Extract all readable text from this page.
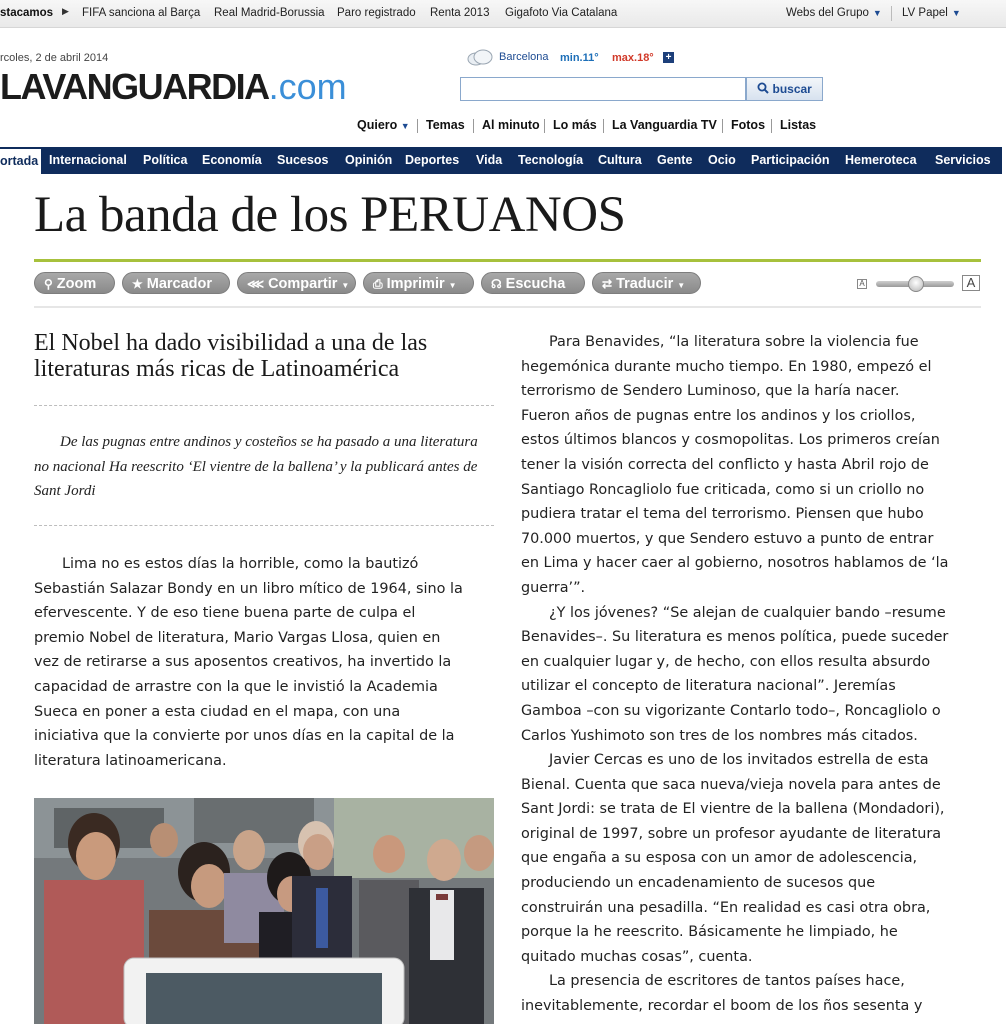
stacamos ▶ FIFA sanciona al Barça Real Madrid-Borussia Paro registrado Renta 2013 Gigafoto Via Catalana	Webs del Grupo ▼ LV Papel ▼
rcoles, 2 de abril 2014
LAVANGUARDIA.com
Barcelona min.11° max.18° +
buscar
Quiero ▼ Temas Al minuto Lo más La Vanguardia TV Fotos Listas
ortada Internacional Política Economía Sucesos Opinión Deportes Vida Tecnología Cultura Gente Ocio Participación Hemeroteca Servicios
La banda de los PERUANOS
⚲ Zoom	★ Marcador	⋘ Compartir ▼	⎙ Imprimir ▼	☊ Escucha	⇄ Traducir ▼	A	A
El Nobel ha dado visibilidad a una de las literaturas más ricas de Latinoamérica

De las pugnas entre andinos y costeños se ha pasado a una literatura no nacional Ha reescrito ‘El vientre de la ballena’ y la publicará antes de Sant Jordi

Lima no es estos días la horrible, como la bautizó
Sebastián Salazar Bondy en un libro mítico de 1964, sino la
efervescente. Y de eso tiene buena parte de culpa el
premio Nobel de literatura, Mario Vargas Llosa, quien en
vez de retirarse a sus aposentos creativos, ha invertido la
capacidad de arrastre con la que le invistió la Academia
Sueca en poner a esta ciudad en el mapa, con una
iniciativa que la convierte por unos días en la capital de la
literatura latinoamericana.
Para Benavides, “la literatura sobre la violencia fue
hegemónica durante mucho tiempo. En 1980, empezó el
terrorismo de Sendero Luminoso, que la haría nacer.
Fueron años de pugnas entre los andinos y los criollos,
estos últimos blancos y cosmopolitas. Los primeros creían
tener la visión correcta del conflicto y hasta Abril rojo de
Santiago Roncagliolo fue criticada, como si un criollo no
pudiera tratar el tema del terrorismo. Piensen que hubo
70.000 muertos, y que Sendero estuvo a punto de entrar
en Lima y hacer caer al gobierno, nosotros hablamos de ‘la
guerra’”.
¿Y los jóvenes? “Se alejan de cualquier bando –resume
Benavides–. Su literatura es menos política, puede suceder
en cualquier lugar y, de hecho, con ellos resulta absurdo
utilizar el concepto de literatura nacional”. Jeremías
Gamboa –con su vigorizante Contarlo todo–, Roncagliolo o
Carlos Yushimoto son tres de los nombres más citados.
Javier Cercas es uno de los invitados estrella de esta
Bienal. Cuenta que saca nueva/vieja novela para antes de
Sant Jordi: se trata de El vientre de la ballena (Mondadori),
original de 1997, sobre un profesor ayudante de literatura
que engaña a su esposa con un amor de adolescencia,
produciendo un encadenamiento de sucesos que
construirán una pesadilla. “En realidad es casi otra obra,
porque la he reescrito. Básicamente he limpiado, he
quitado muchas cosas”, cuenta.
La presencia de escritores de tantos países hace,
inevitablemente, recordar el boom de los ños sesenta y
